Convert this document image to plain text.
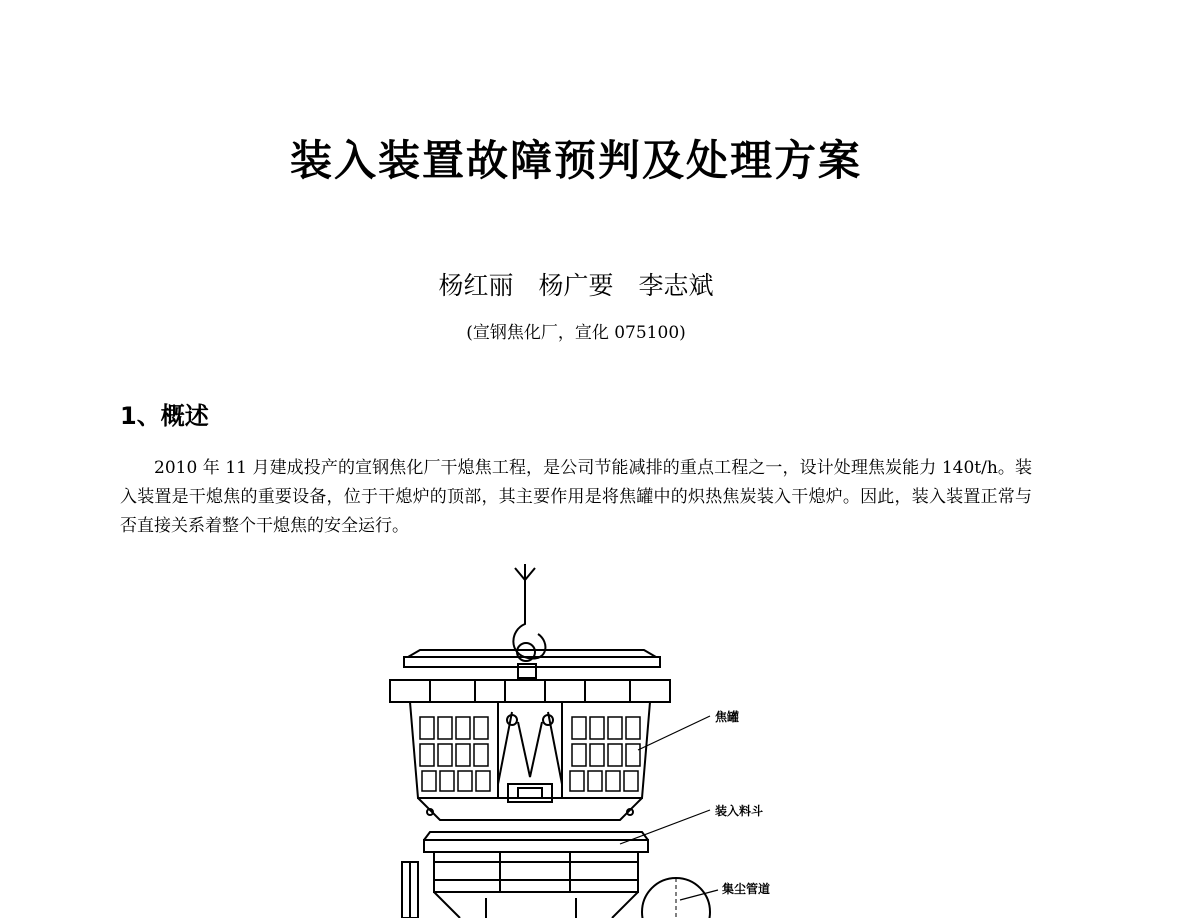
装入装置故障预判及处理方案
杨红丽　杨广要　李志斌
(宣钢焦化厂，宣化 075100)
1、概述

2010 年 11 月建成投产的宣钢焦化厂干熄焦工程，是公司节能减排的重点工程之一，设计处理焦炭能力 140t/h。装入装置是干熄焦的重要设备，位于干熄炉的顶部，其主要作用是将焦罐中的炽热焦炭装入干熄炉。因此，装入装置正常与否直接关系着整个干熄焦的安全运行。

焦罐
装入料斗
集尘管道
